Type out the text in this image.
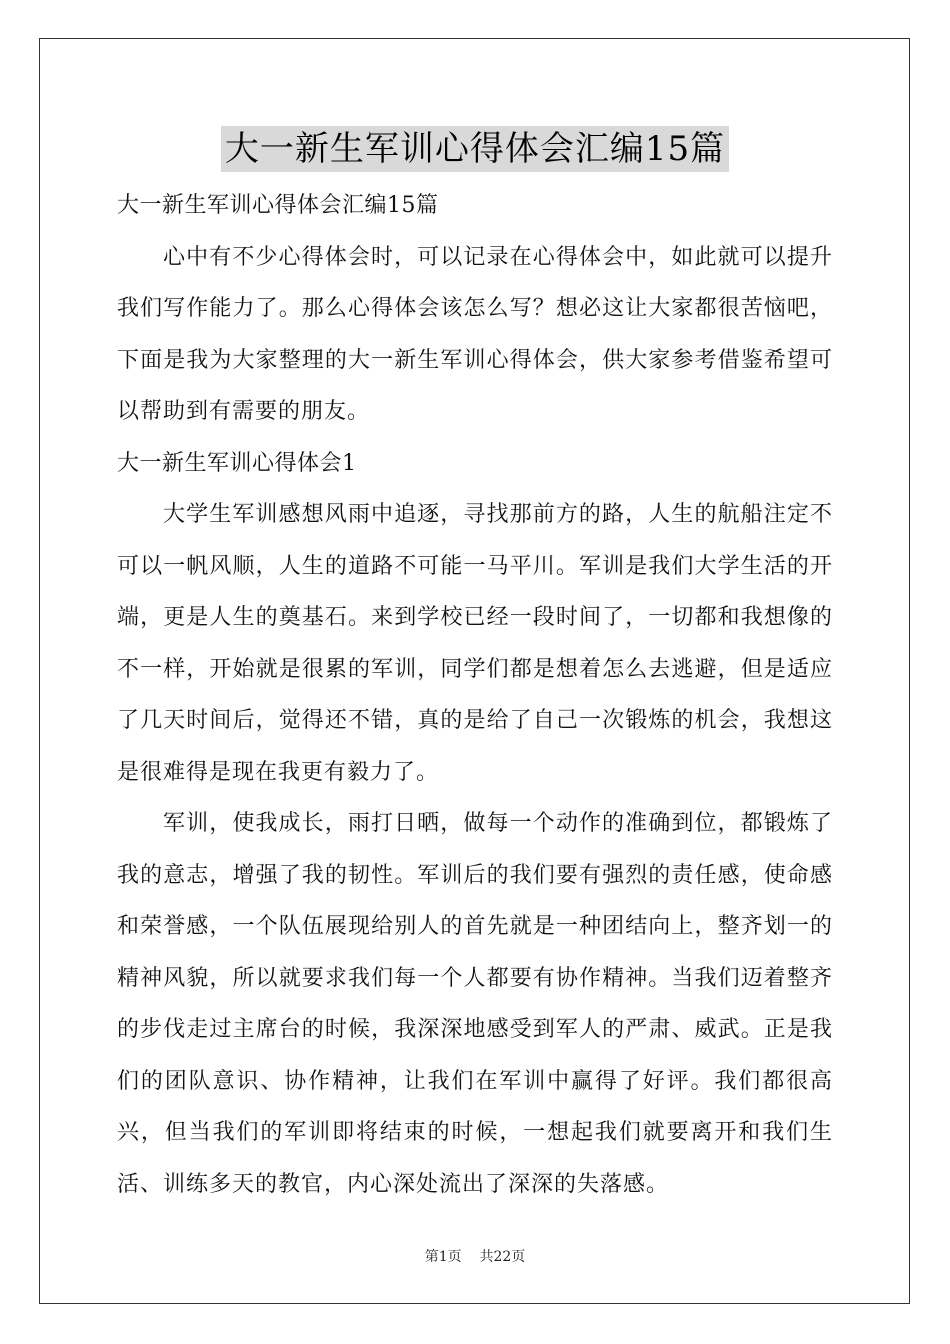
大一新生军训心得体会汇编15篇

大一新生军训心得体会汇编15篇

心中有不少心得体会时，可以记录在心得体会中，如此就可以提升我们写作能力了。那么心得体会该怎么写？想必这让大家都很苦恼吧，下面是我为大家整理的大一新生军训心得体会，供大家参考借鉴希望可以帮助到有需要的朋友。

大一新生军训心得体会1

大学生军训感想风雨中追逐，寻找那前方的路，人生的航船注定不可以一帆风顺，人生的道路不可能一马平川。军训是我们大学生活的开端，更是人生的奠基石。来到学校已经一段时间了，一切都和我想像的不一样，开始就是很累的军训，同学们都是想着怎么去逃避，但是适应了几天时间后，觉得还不错，真的是给了自己一次锻炼的机会，我想这是很难得是现在我更有毅力了。

军训，使我成长，雨打日晒，做每一个动作的准确到位，都锻炼了我的意志，增强了我的韧性。军训后的我们要有强烈的责任感，使命感和荣誉感，一个队伍展现给别人的首先就是一种团结向上，整齐划一的精神风貌，所以就要求我们每一个人都要有协作精神。当我们迈着整齐的步伐走过主席台的时候，我深深地感受到军人的严肃、威武。正是我们的团队意识、协作精神，让我们在军训中赢得了好评。我们都很高兴，但当我们的军训即将结束的时候，一想起我们就要离开和我们生活、训练多天的教官，内心深处流出了深深的失落感。

第1页 共22页
